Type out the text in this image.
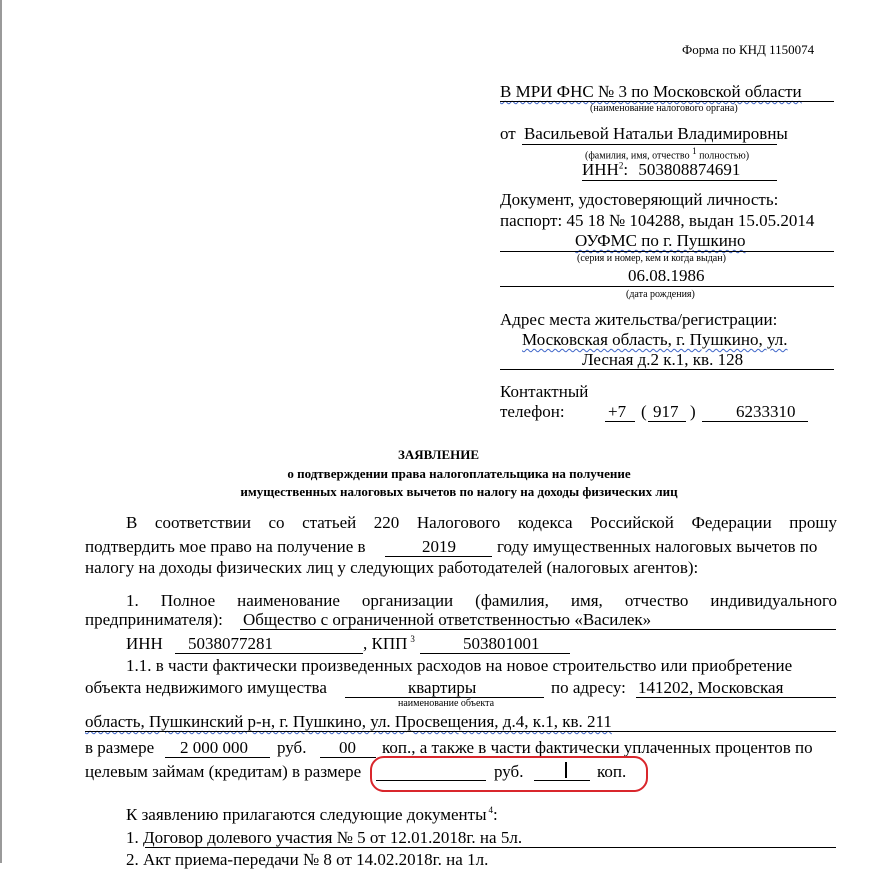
Форма по КНД 1150074
В МРИ ФНС № 3 по Московской области
(наименование налогового органа)
от Васильевой Натальи Владимировны
(фамилия, имя, отчество $^1$ полностью)
ИНН$^2$: 503808874691
Документ, удостоверяющий личность:
паспорт: 45 18 № 104288, выдан 15.05.2014
ОУФМС по г. Пушкино
(серия и номер, кем и когда выдан)
06.08.1986
(дата рождения)
Адрес места жительства/регистрации:
Московская область, г. Пушкино, ул.
Лесная д.2 к.1, кв. 128
Контактный
телефон:	+7 ( 917 ) 6233310
ЗАЯВЛЕНИЕ
о подтверждении права налогоплательщика на получение
имущественных налоговых вычетов по налогу на доходы физических лиц
В соответствии со статьей 220 Налогового кодекса Российской Федерации прошу
подтвердить мое право на получение в	2019 году имущественных налоговых вычетов по
налогу на доходы физических лиц у следующих работодателей (налоговых агентов):
1. Полное наименование организации (фамилия, имя, отчество индивидуального
предпринимателя): Общество с ограниченной ответственностью «Василек»
ИНН 5038077281	, КПП $^3$	503801001
1.1. в части фактически произведенных расходов на новое строительство или приобретение
объекта недвижимого имущества	квартиры
наименование объекта
по адресу: 141202, Московская
область, Пушкинский р-н, г. Пушкино, ул. Просвещения, д.4, к.1, кв. 211
в размере 2 000 000 руб. 00 коп., а также в части фактически уплаченных процентов по
целевым займам (кредитам) в размере	руб.	коп.
К заявлению прилагаются следующие документы $^4$:
1. Договор долевого участия № 5 от 12.01.2018г. на 5л.
2. Акт приема-передачи № 8 от 14.02.2018г. на 1л.
